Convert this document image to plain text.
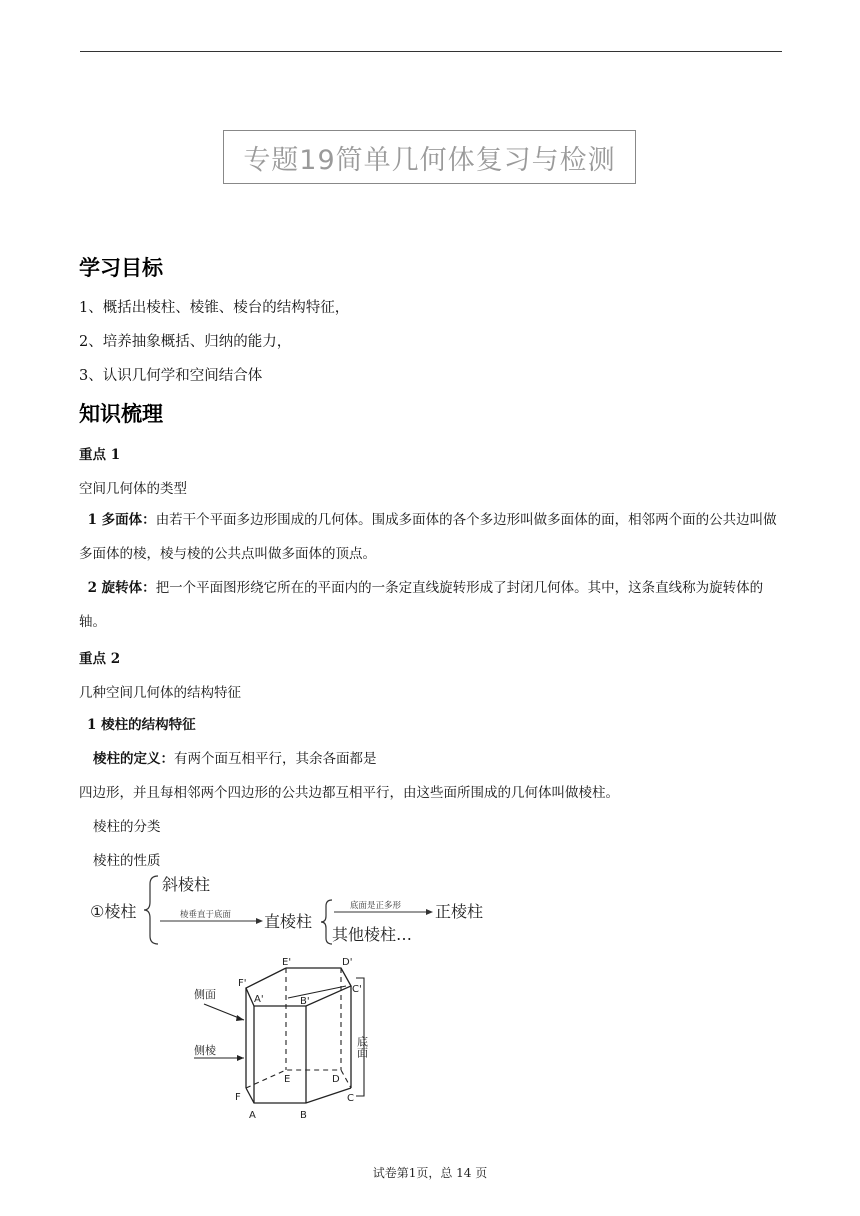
专题19简单几何体复习与检测
学习目标
1、概括出棱柱、棱锥、棱台的结构特征，
2、培养抽象概括、归纳的能力，
3、认识几何学和空间结合体
知识梳理
重点 1
空间几何体的类型
1 多面体：由若干个平面多边形围成的几何体。围成多面体的各个多边形叫做多面体的面，相邻两个面的公共边叫做多面体的棱，棱与棱的公共点叫做多面体的顶点。
2 旋转体：把一个平面图形绕它所在的平面内的一条定直线旋转形成了封闭几何体。其中，这条直线称为旋转体的轴。
重点 2
几种空间几何体的结构特征
1 棱柱的结构特征
棱柱的定义：有两个面互相平行，其余各面都是
四边形，并且每相邻两个四边形的公共边都互相平行，由这些面所围成的几何体叫做棱柱。
棱柱的分类
棱柱的性质
①棱柱
斜棱柱
棱垂直于底面 直棱柱
底面是正多形 正棱柱
其他棱柱…
底面
侧面
侧棱
E'	D'
F'
A'	B'
C'
E	D
F
A	B
C
试卷第1页，总 14 页
